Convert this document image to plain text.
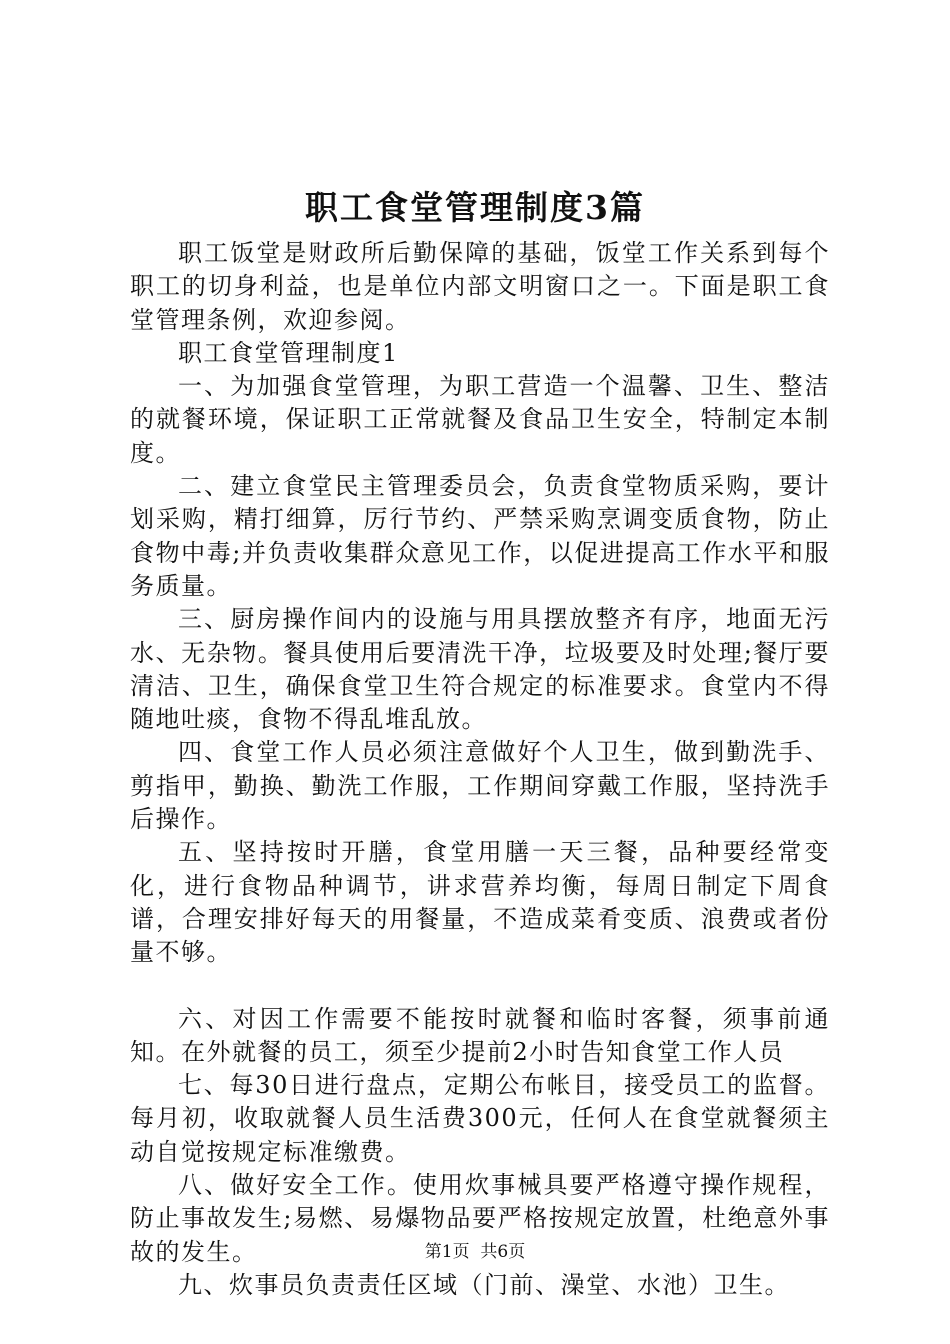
职工食堂管理制度3篇

职工饭堂是财政所后勤保障的基础，饭堂工作关系到每个职工的切身利益，也是单位内部文明窗口之一。下面是职工食堂管理条例，欢迎参阅。

职工食堂管理制度1

一、为加强食堂管理，为职工营造一个温馨、卫生、整洁的就餐环境，保证职工正常就餐及食品卫生安全，特制定本制度。

二、建立食堂民主管理委员会，负责食堂物质采购，要计划采购，精打细算，厉行节约、严禁采购烹调变质食物，防止食物中毒;并负责收集群众意见工作，以促进提高工作水平和服务质量。

三、厨房操作间内的设施与用具摆放整齐有序，地面无污水、无杂物。餐具使用后要清洗干净，垃圾要及时处理;餐厅要清洁、卫生，确保食堂卫生符合规定的标准要求。食堂内不得随地吐痰，食物不得乱堆乱放。

四、食堂工作人员必须注意做好个人卫生，做到勤洗手、剪指甲，勤换、勤洗工作服，工作期间穿戴工作服，坚持洗手后操作。

五、坚持按时开膳，食堂用膳一天三餐，品种要经常变化，进行食物品种调节，讲求营养均衡，每周日制定下周食谱，合理安排好每天的用餐量，不造成菜肴变质、浪费或者份量不够。

六、对因工作需要不能按时就餐和临时客餐，须事前通知。在外就餐的员工，须至少提前2小时告知食堂工作人员

七、每30日进行盘点，定期公布帐目，接受员工的监督。每月初，收取就餐人员生活费300元，任何人在食堂就餐须主动自觉按规定标准缴费。

八、做好安全工作。使用炊事械具要严格遵守操作规程，防止事故发生;易燃、易爆物品要严格按规定放置，杜绝意外事故的发生。

九、炊事员负责责任区域（门前、澡堂、水池）卫生。

第1页 共6页
